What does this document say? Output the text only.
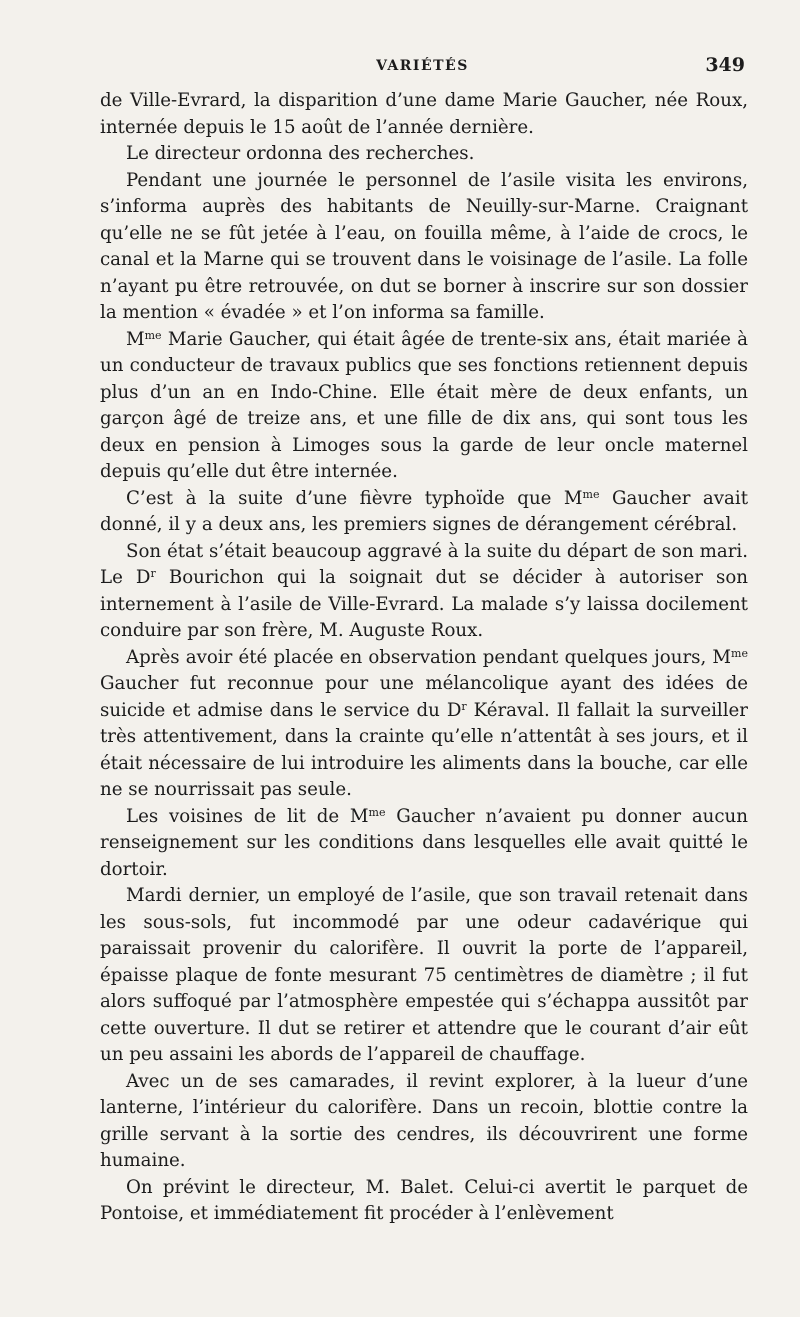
VARIÉTÉS	349

de Ville-Evrard, la disparition d’une dame Marie Gaucher, née Roux, internée depuis le 15 août de l’année dernière.

Le directeur ordonna des recherches.

Pendant une journée le personnel de l’asile visita les environs, s’informa auprès des habitants de Neuilly-sur-Marne. Craignant qu’elle ne se fût jetée à l’eau, on fouilla même, à l’aide de crocs, le canal et la Marne qui se trouvent dans le voisinage de l’asile. La folle n’ayant pu être retrouvée, on dut se borner à inscrire sur son dossier la mention « évadée » et l’on informa sa famille.

$M^{me}$ Marie Gaucher, qui était âgée de trente-six ans, était mariée à un conducteur de travaux publics que ses fonctions retiennent depuis plus d’un an en Indo-Chine. Elle était mère de deux enfants, un garçon âgé de treize ans, et une fille de dix ans, qui sont tous les deux en pension à Limoges sous la garde de leur oncle maternel depuis qu’elle dut être internée.

C’est à la suite d’une fièvre typhoïde que $M^{me}$ Gaucher avait donné, il y a deux ans, les premiers signes de dérangement cérébral.

Son état s’était beaucoup aggravé à la suite du départ de son mari. Le $D^r$ Bourichon qui la soignait dut se décider à autoriser son internement à l’asile de Ville-Evrard. La malade s’y laissa docilement conduire par son frère, M. Auguste Roux.

Après avoir été placée en observation pendant quelques jours, $M^{me}$ Gaucher fut reconnue pour une mélancolique ayant des idées de suicide et admise dans le service du $D^r$ Kéraval. Il fallait la surveiller très attentivement, dans la crainte qu’elle n’attentât à ses jours, et il était nécessaire de lui introduire les aliments dans la bouche, car elle ne se nourrissait pas seule.

Les voisines de lit de $M^{me}$ Gaucher n’avaient pu donner aucun renseignement sur les conditions dans lesquelles elle avait quitté le dortoir.

Mardi dernier, un employé de l’asile, que son travail retenait dans les sous-sols, fut incommodé par une odeur cadavérique qui paraissait provenir du calorifère. Il ouvrit la porte de l’appareil, épaisse plaque de fonte mesurant 75 centimètres de diamètre ; il fut alors suffoqué par l’atmosphère empestée qui s’échappa aussitôt par cette ouverture. Il dut se retirer et attendre que le courant d’air eût un peu assaini les abords de l’appareil de chauffage.

Avec un de ses camarades, il revint explorer, à la lueur d’une lanterne, l’intérieur du calorifère. Dans un recoin, blottie contre la grille servant à la sortie des cendres, ils découvrirent une forme humaine.

On prévint le directeur, M. Balet. Celui-ci avertit le parquet de Pontoise, et immédiatement fit procéder à l’enlèvement
